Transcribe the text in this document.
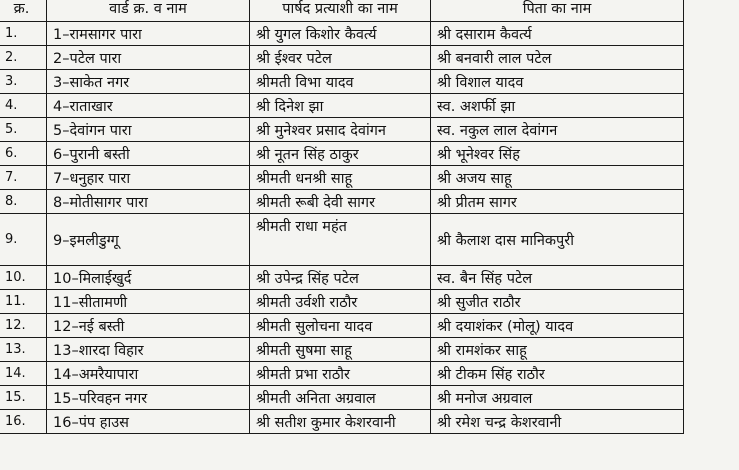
क्र.	वार्ड क्र. व नाम	पार्षद प्रत्याशी का नाम	पिता का नाम
1.	1–रामसागर पारा	श्री युगल किशोर कैवर्त्य	श्री दसाराम कैवर्त्य
2.	2–पटेल पारा	श्री ईश्वर पटेल	श्री बनवारी लाल पटेल
3.	3–साकेत नगर	श्रीमती विभा यादव	श्री विशाल यादव
4.	4–राताखार	श्री दिनेश झा	स्व. अशर्फी झा
5.	5–देवांगन पारा	श्री मुनेश्वर प्रसाद देवांगन	स्व. नकुल लाल देवांगन
6.	6–पुरानी बस्ती	श्री नूतन सिंह ठाकुर	श्री भूनेश्वर सिंह
7.	7–धनुहार पारा	श्रीमती धनश्री साहू	श्री अजय साहू
8.	8–मोतीसागर पारा	श्रीमती रूबी देवी सागर	श्री प्रीतम सागर
9.	9–इमलीडुग्गू	श्रीमती राधा महंत	श्री कैलाश दास मानिकपुरी
10.	10–मिलाईखुर्द	श्री उपेन्द्र सिंह पटेल	स्व. बैन सिंह पटेल
11.	11–सीतामणी	श्रीमती उर्वशी राठौर	श्री सुजीत राठौर
12.	12–नई बस्ती	श्रीमती सुलोचना यादव	श्री दयाशंकर (मोलू) यादव
13.	13–शारदा विहार	श्रीमती सुषमा साहू	श्री रामशंकर साहू
14.	14–अमरैयापारा	श्रीमती प्रभा राठौर	श्री टीकम सिंह राठौर
15.	15–परिवहन नगर	श्रीमती अनिता अग्रवाल	श्री मनोज अग्रवाल
16.	16–पंप हाउस	श्री सतीश कुमार केशरवानी	श्री रमेश चन्द्र केशरवानी
